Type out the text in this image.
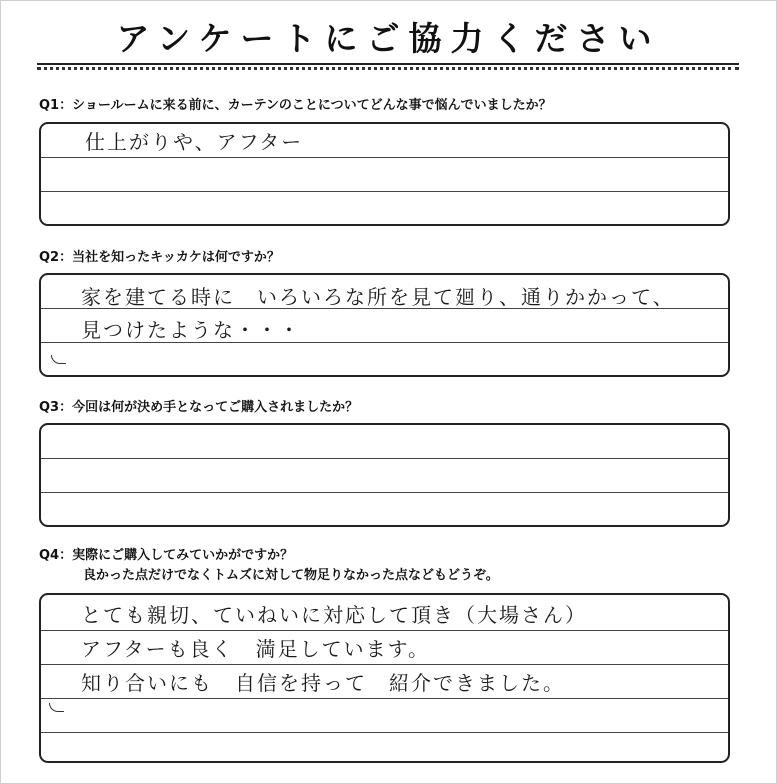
アンケートにご協力ください
Q1：ショールームに来る前に、カーテンのことについてどんな事で悩んでいましたか？
仕上がりや、アフター
Q2：当社を知ったキッカケは何ですか？
家を建てる時に　いろいろな所を見て廻り、通りかかって、
見つけたような・・・
Q3：今回は何が決め手となってご購入されましたか？
Q4：実際にご購入してみていかがですか？
良かった点だけでなくトムズに対して物足りなかった点などもどうぞ。
とても親切、ていねいに対応して頂き（大場さん）
アフターも良く　満足しています。
知り合いにも　自信を持って　紹介できました。
